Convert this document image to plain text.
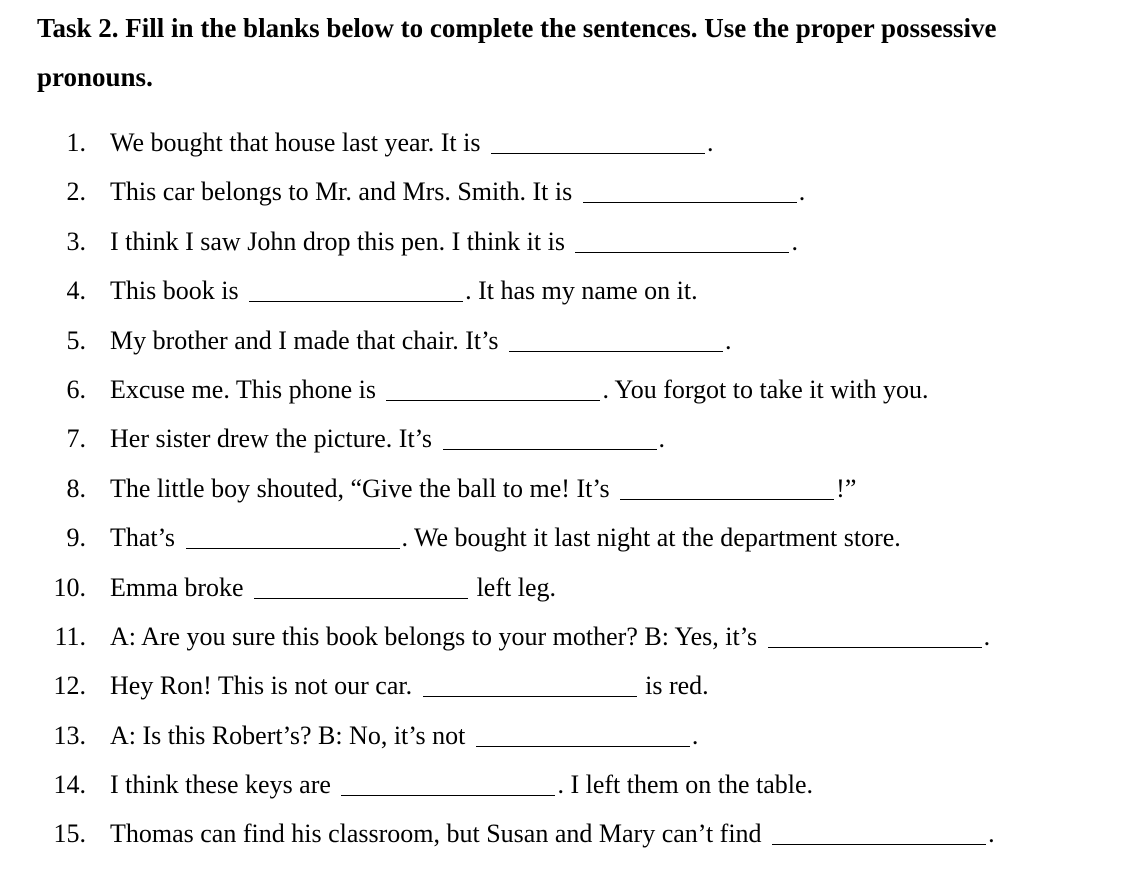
Task 2. Fill in the blanks below to complete the sentences. Use the proper possessive pronouns.
1. We bought that house last year. It is	.
2. This car belongs to Mr. and Mrs. Smith. It is	.
3. I think I saw John drop this pen. I think it is	.
4. This book is	. It has my name on it.
5. My brother and I made that chair. It’s	.
6. Excuse me. This phone is	. You forgot to take it with you.
7. Her sister drew the picture. It’s	.
8. The little boy shouted, “Give the ball to me! It’s	!”
9. That’s	. We bought it last night at the department store.
10. Emma broke	left leg.
11. A: Are you sure this book belongs to your mother? B: Yes, it’s	.
12. Hey Ron! This is not our car.	is red.
13. A: Is this Robert’s? B: No, it’s not	.
14. I think these keys are	. I left them on the table.
15. Thomas can find his classroom, but Susan and Mary can’t find	.
